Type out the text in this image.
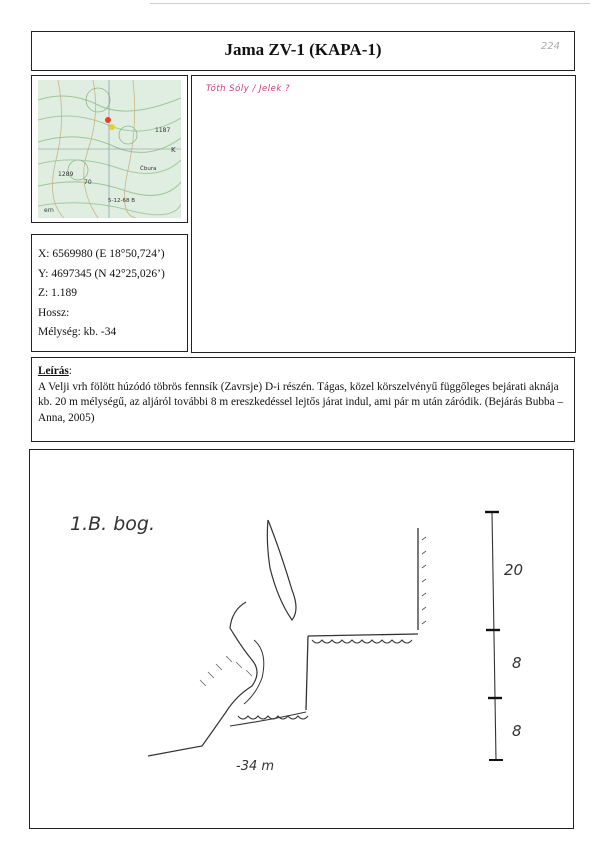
Jama ZV-1 (KAPA-1)	224
1187
K
1289
70
Čbura
5-12-68 B
ern
X: 6569980 (E 18°50,724’)
Y: 4697345 (N 42°25,026’)
Z: 1.189
Hossz:
Mélység: kb. -34
Tóth Sóly / Jelek ?
Leírás:
A Velji vrh fölött húzódó töbrös fennsík (Zavrsje) D-i részén. Tágas, közel körszelvényű függőleges bejárati aknája kb. 20 m mélységű, az aljáról további 8 m ereszkedéssel lejtős járat indul, ami pár m után záródik. (Bejárás Bubba – Anna, 2005)
1.B. bog.
-34 m
20
8
8
